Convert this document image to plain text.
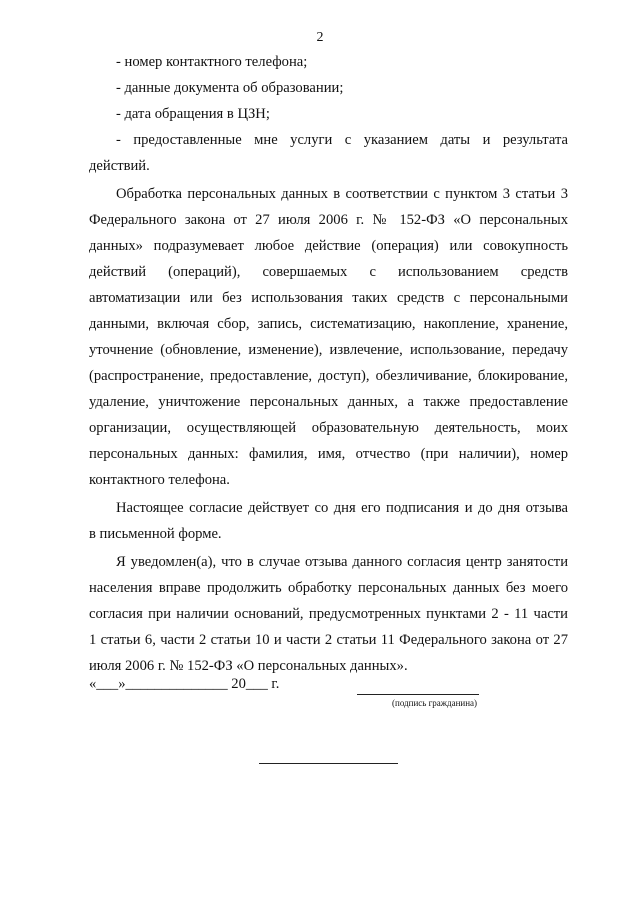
2
- номер контактного телефона;
- данные документа об образовании;
- дата обращения в ЦЗН;
- предоставленные мне услуги с указанием даты и результата
действий.
Обработка персональных данных в соответствии с пунктом 3 статьи 3
Федерального закона от 27 июля 2006 г. № 152-ФЗ «О персональных
данных» подразумевает любое действие (операция) или совокупность
действий (операций), совершаемых с использованием средств
автоматизации или без использования таких средств с персональными
данными, включая сбор, запись, систематизацию, накопление, хранение,
уточнение (обновление, изменение), извлечение, использование, передачу
(распространение, предоставление, доступ), обезличивание, блокирование,
удаление, уничтожение персональных данных, а также предоставление
организации, осуществляющей образовательную деятельность, моих
персональных данных: фамилия, имя, отчество (при наличии), номер
контактного телефона.
Настоящее согласие действует со дня его подписания и до дня отзыва
в письменной форме.
Я уведомлен(а), что в случае отзыва данного согласия центр занятости
населения вправе продолжить обработку персональных данных без моего
согласия при наличии оснований, предусмотренных пунктами 2 - 11 части
1 статьи 6, части 2 статьи 10 и части 2 статьи 11 Федерального закона от 27
июля 2006 г. № 152-ФЗ «О персональных данных».
«___»______________ 20___ г.
(подпись гражданина)
